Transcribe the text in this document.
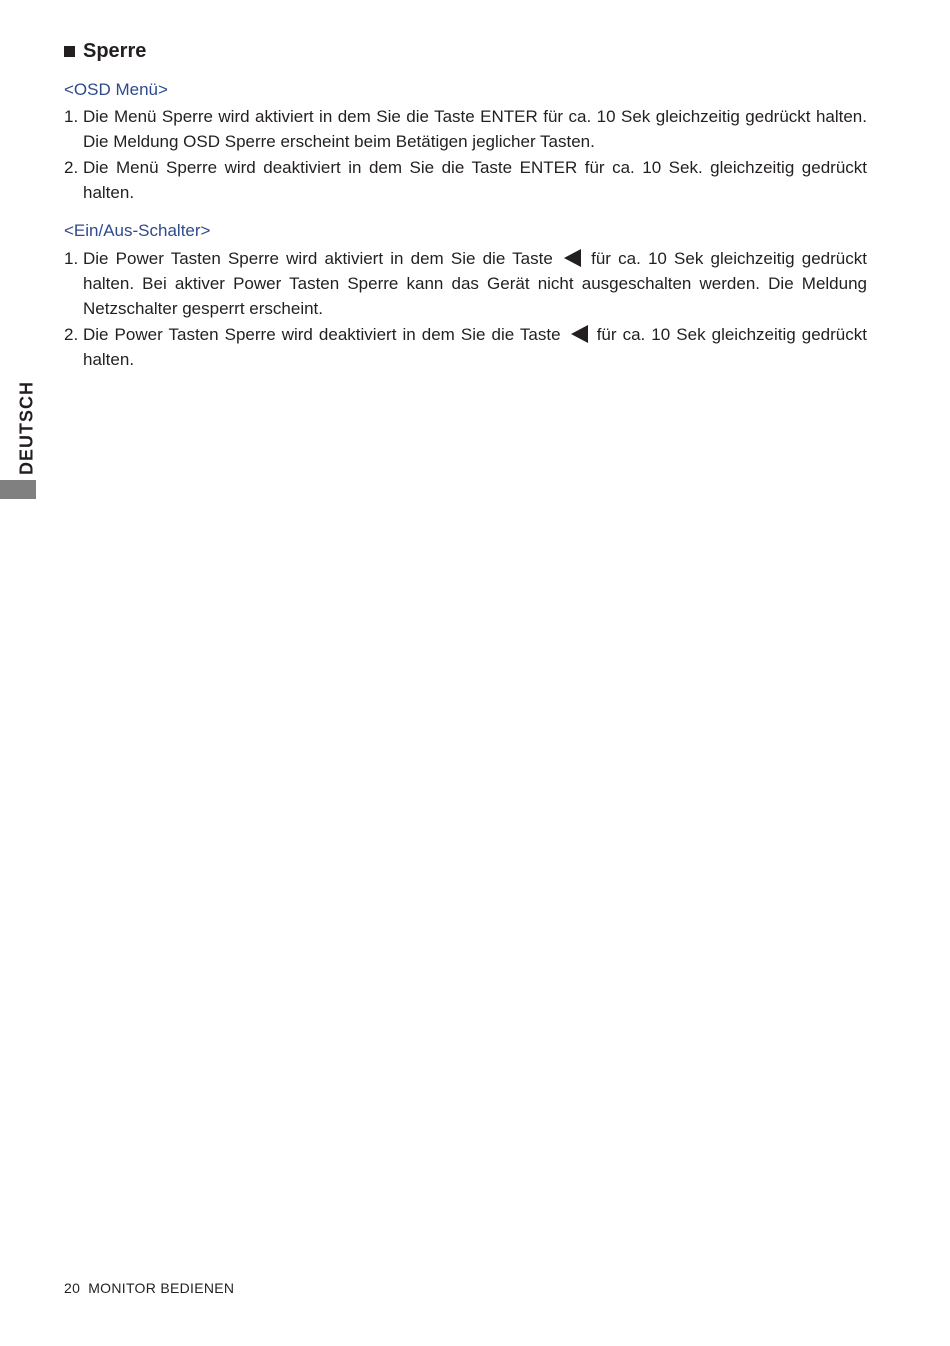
Sperre
<OSD Menü>
1. Die Menü Sperre wird aktiviert in dem Sie die Taste ENTER für ca. 10 Sek gleichzeitig gedrückt halten. Die Meldung OSD Sperre erscheint beim Betätigen jeglicher Tasten.
2. Die Menü Sperre wird deaktiviert in dem Sie die Taste ENTER für ca. 10 Sek. gleichzeitig gedrückt halten.
<Ein/Aus-Schalter>
1. Die Power Tasten Sperre wird aktiviert in dem Sie die Taste für ca. 10 Sek gleichzeitig gedrückt halten. Bei aktiver Power Tasten Sperre kann das Gerät nicht ausgeschalten werden. Die Meldung Netzschalter gesperrt erscheint.
2. Die Power Tasten Sperre wird deaktiviert in dem Sie die Taste für ca. 10 Sek gleichzeitig gedrückt halten.
DEUTSCH
20 MONITOR BEDIENEN
